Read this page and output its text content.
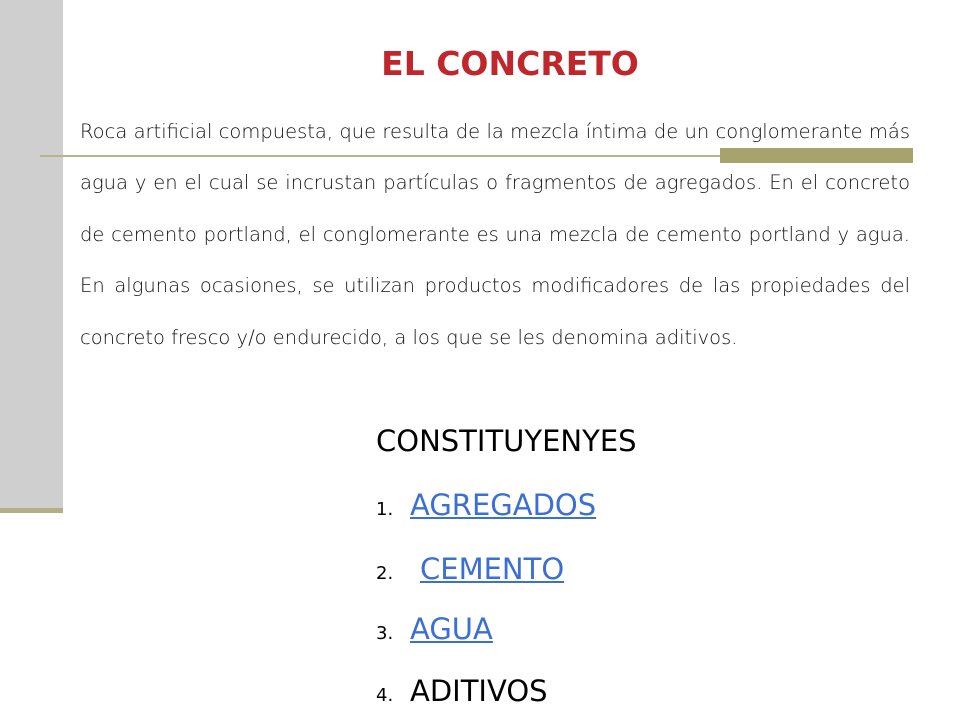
EL CONCRETO
Roca artificial compuesta, que resulta de la mezcla íntima de un conglomerante más agua y en el cual se incrustan partículas o fragmentos de agregados. En el concreto de cemento portland, el conglomerante es una mezcla de cemento portland y agua. En algunas ocasiones, se utilizan productos modificadores de las propiedades del concreto fresco y/o endurecido, a los que se les denomina aditivos.
CONSTITUYENYES
1. AGREGADOS
2. CEMENTO
3. AGUA
4. ADITIVOS
